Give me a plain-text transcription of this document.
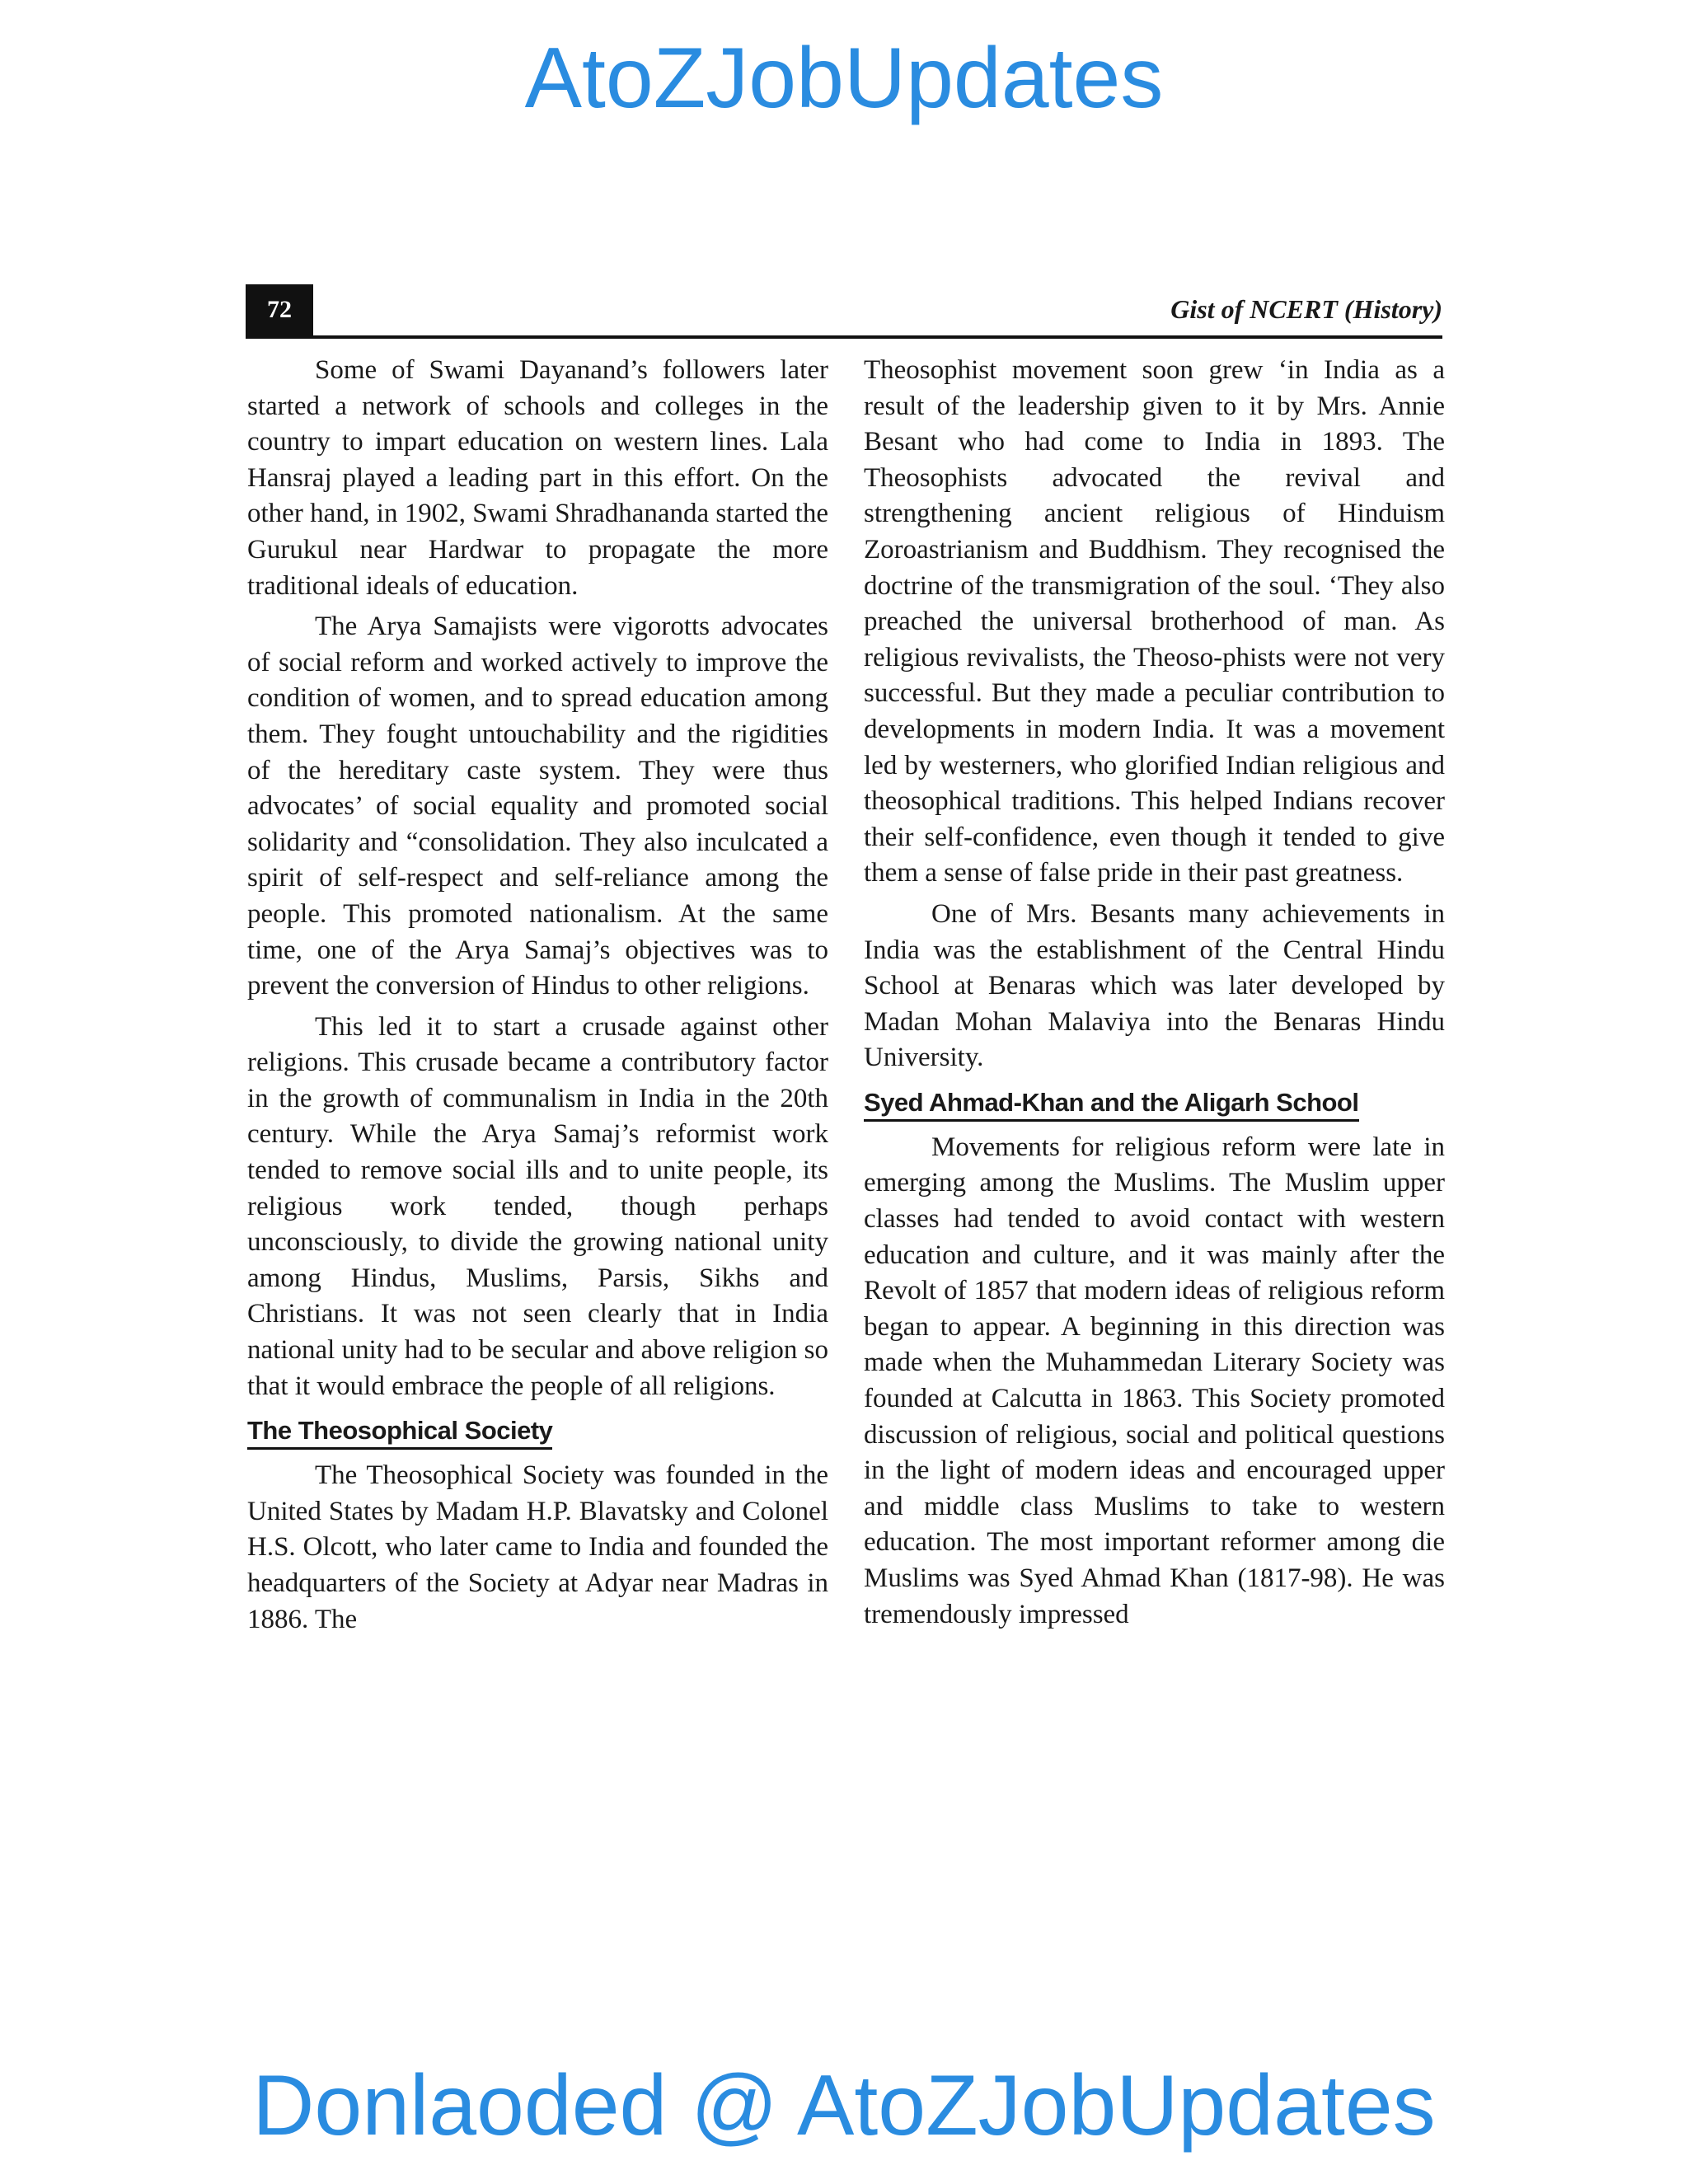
AtoZJobUpdates
72	Gist of NCERT (History)

Some of Swami Dayanand’s followers later started a network of schools and colleges in the country to impart education on western lines. Lala Hansraj played a leading part in this effort. On the other hand, in 1902, Swami Shradhananda started the Gurukul near Hardwar to propagate the more traditional ideals of education.

The Arya Samajists were vigorotts advocates of social reform and worked actively to improve the condition of women, and to spread education among them. They fought untouchability and the rigidities of the hereditary caste system. They were thus advocates’ of social equality and promoted social solidarity and “consolidation. They also inculcated a spirit of self-respect and self-reliance among the people. This promoted nationalism. At the same time, one of the Arya Samaj’s objectives was to prevent the conversion of Hindus to other religions.

This led it to start a crusade against other religions. This crusade became a contributory factor in the growth of communalism in India in the 20th century. While the Arya Samaj’s reformist work tended to remove social ills and to unite people, its religious work tended, though perhaps unconsciously, to divide the growing national unity among Hindus, Muslims, Parsis, Sikhs and Christians. It was not seen clearly that in India national unity had to be secular and above religion so that it would embrace the people of all religions.

The Theosophical Society

The Theosophical Society was founded in the United States by Madam H.P. Blavatsky and Colonel H.S. Olcott, who later came to India and founded the headquarters of the Society at Adyar near Madras in 1886. The

Theosophist movement soon grew ‘in India as a result of the leadership given to it by Mrs. Annie Besant who had come to India in 1893. The Theosophists advocated the revival and strengthening ancient religious of Hinduism Zoroastrianism and Buddhism. They recognised the doctrine of the transmigration of the soul. ‘They also preached the universal brotherhood of man. As religious revivalists, the Theoso-phists were not very successful. But they made a peculiar contribution to developments in modern India. It was a movement led by westerners, who glorified Indian religious and theosophical traditions. This helped Indians recover their self-confidence, even though it tended to give them a sense of false pride in their past greatness.

One of Mrs. Besants many achievements in India was the establishment of the Central Hindu School at Benaras which was later developed by Madan Mohan Malaviya into the Benaras Hindu University.

Syed Ahmad-Khan and the Aligarh School

Movements for religious reform were late in emerging among the Muslims. The Muslim upper classes had tended to avoid contact with western education and culture, and it was mainly after the Revolt of 1857 that modern ideas of religious reform began to appear. A beginning in this direction was made when the Muhammedan Literary Society was founded at Calcutta in 1863. This Society promoted discussion of religious, social and political questions in the light of modern ideas and encouraged upper and middle class Muslims to take to western education. The most important reformer among die Muslims was Syed Ahmad Khan (1817-98). He was tremendously impressed

Donlaoded @ AtoZJobUpdates
